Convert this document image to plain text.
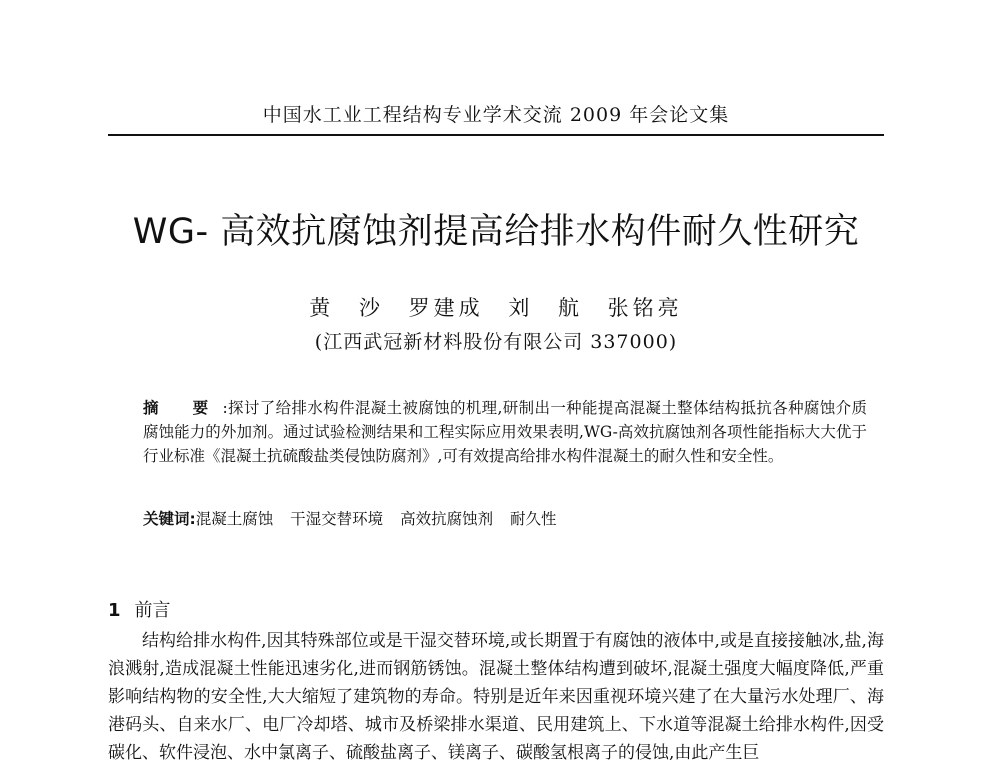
中国水工业工程结构专业学术交流 2009 年会论文集
WG- 高效抗腐蚀剂提高给排水构件耐久性研究
黄 沙 罗建成 刘 航 张铭亮
(江西武冠新材料股份有限公司 337000)
摘 要:探讨了给排水构件混凝土被腐蚀的机理,研制出一种能提高混凝土整体结构抵抗各种腐蚀介质腐蚀能力的外加剂。通过试验检测结果和工程实际应用效果表明,WG-高效抗腐蚀剂各项性能指标大大优于行业标准《混凝土抗硫酸盐类侵蚀防腐剂》,可有效提高给排水构件混凝土的耐久性和安全性。
关键词:混凝土腐蚀 干湿交替环境 高效抗腐蚀剂 耐久性
1 前言
结构给排水构件,因其特殊部位或是干湿交替环境,或长期置于有腐蚀的液体中,或是直接接触冰,盐,海浪溅射,造成混凝土性能迅速劣化,进而钢筋锈蚀。混凝土整体结构遭到破坏,混凝土强度大幅度降低,严重影响结构物的安全性,大大缩短了建筑物的寿命。特别是近年来因重视环境兴建了在大量污水处理厂、海港码头、自来水厂、电厂冷却塔、城市及桥梁排水渠道、民用建筑上、下水道等混凝土给排水构件,因受碳化、软件浸泡、水中氯离子、硫酸盐离子、镁离子、碳酸氢根离子的侵蚀,由此产生巨
